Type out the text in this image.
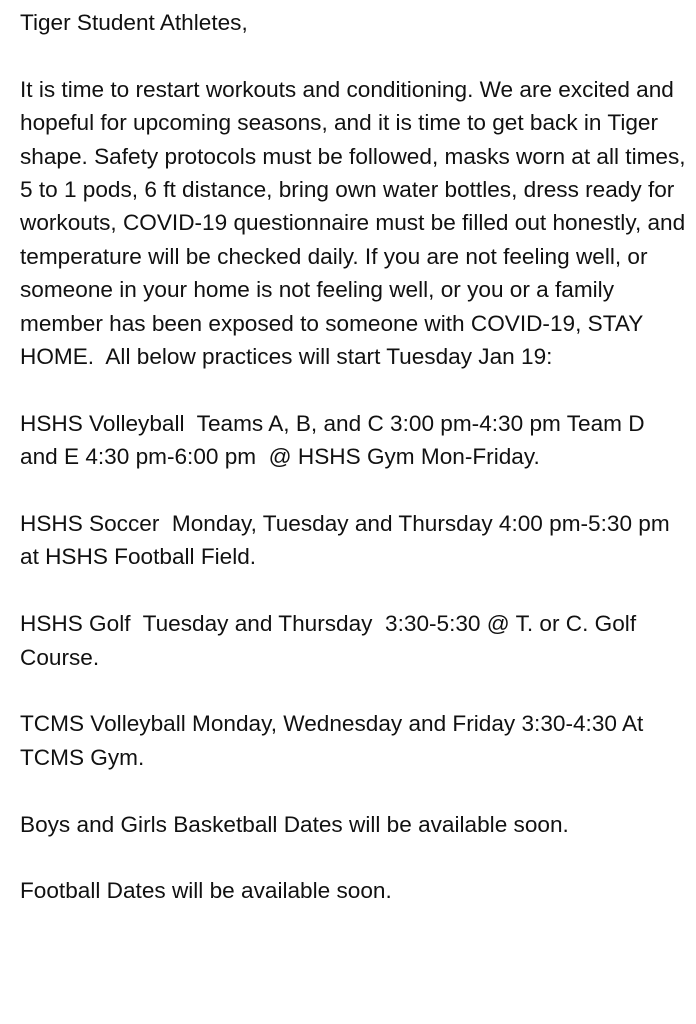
Tiger Student Athletes,

It is time to restart workouts and conditioning. We are excited and hopeful for upcoming seasons, and it is time to get back in Tiger shape. Safety protocols must be followed, masks worn at all times, 5 to 1 pods, 6 ft distance, bring own water bottles, dress ready for workouts, COVID-19 questionnaire must be filled out honestly, and temperature will be checked daily. If you are not feeling well, or someone in your home is not feeling well, or you or a family member has been exposed to someone with COVID-19, STAY HOME.  All below practices will start Tuesday Jan 19:

HSHS Volleyball  Teams A, B, and C 3:00 pm-4:30 pm Team D and E 4:30 pm-6:00 pm  @ HSHS Gym Mon-Friday.

HSHS Soccer  Monday, Tuesday and Thursday 4:00 pm-5:30 pm at HSHS Football Field.

HSHS Golf  Tuesday and Thursday  3:30-5:30 @ T. or C. Golf Course.

TCMS Volleyball Monday, Wednesday and Friday 3:30-4:30 At TCMS Gym.

Boys and Girls Basketball Dates will be available soon.

Football Dates will be available soon.
